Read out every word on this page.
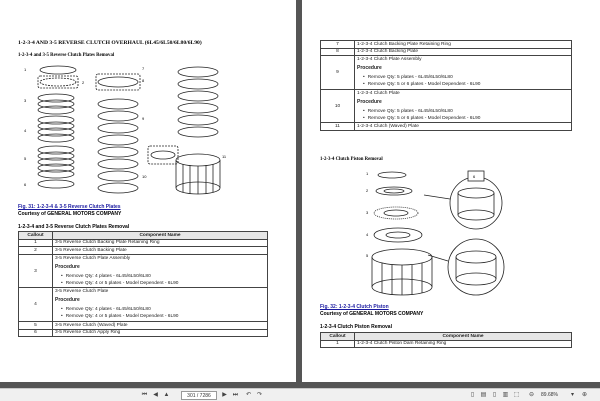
1-2-3-4 AND 3-5 REVERSE CLUTCH OVERHAUL (6L45/6L50/6L80/6L90)
1-2-3-4 and 3-5 Reverse Clutch Plates Removal
1
2
3
4
5
6
7
8
9
10
11
Fig. 31: 1-2-3-4 & 3-5 Reverse Clutch Plates
Courtesy of GENERAL MOTORS COMPANY
1-2-3-4 and 3-5 Reverse Clutch Plates Removal
Callout	Component Name
1	3-5 Reverse Clutch Backing Plate Retaining Ring
2	3-5 Reverse Clutch Backing Plate
3	3-5 Reverse Clutch Plate Assembly
Procedure
• Remove Qty: 4 plates - 6L45/6L50/6L80
• Remove Qty: 4 or 5 plates - Model Dependent - 6L90

4	3-5 Reverse Clutch Plate
Procedure
• Remove Qty: 4 plates - 6L45/6L50/6L80
• Remove Qty: 4 or 5 plates - Model Dependent - 6L90

5	3-5 Reverse Clutch (Waved) Plate
6	3-5 Reverse Clutch Apply Ring
7	1-2-3-4 Clutch Backing Plate Retaining Ring
8	1-2-3-4 Clutch Backing Plate
9	1-2-3-4 Clutch Plate Assembly
Procedure
• Remove Qty: 5 plates - 6L45/6L50/6L80
• Remove Qty: 5 or 6 plates - Model Dependent - 6L90

10	1-2-3-4 Clutch Plate
Procedure
• Remove Qty: 5 plates - 6L45/6L50/6L80
• Remove Qty: 5 or 6 plates - Model Dependent - 6L90

11	1-2-3-4 Clutch (Waved) Plate
1-2-3-4 Clutch Piston Removal
1
2
3
4
5
6
Fig. 32: 1-2-3-4 Clutch Piston
Courtesy of GENERAL MOTORS COMPANY
1-2-3-4 Clutch Piston Removal
Callout	Component Name
1	1-2-3-4 Clutch Piston Dam Retaining Ring
⏮ ◀ ▲	301 / 7286	▶ ⏭	↶ ↷	▯	▤	▯	▥ ⬚	⊖	89.68%	▾	⊕
